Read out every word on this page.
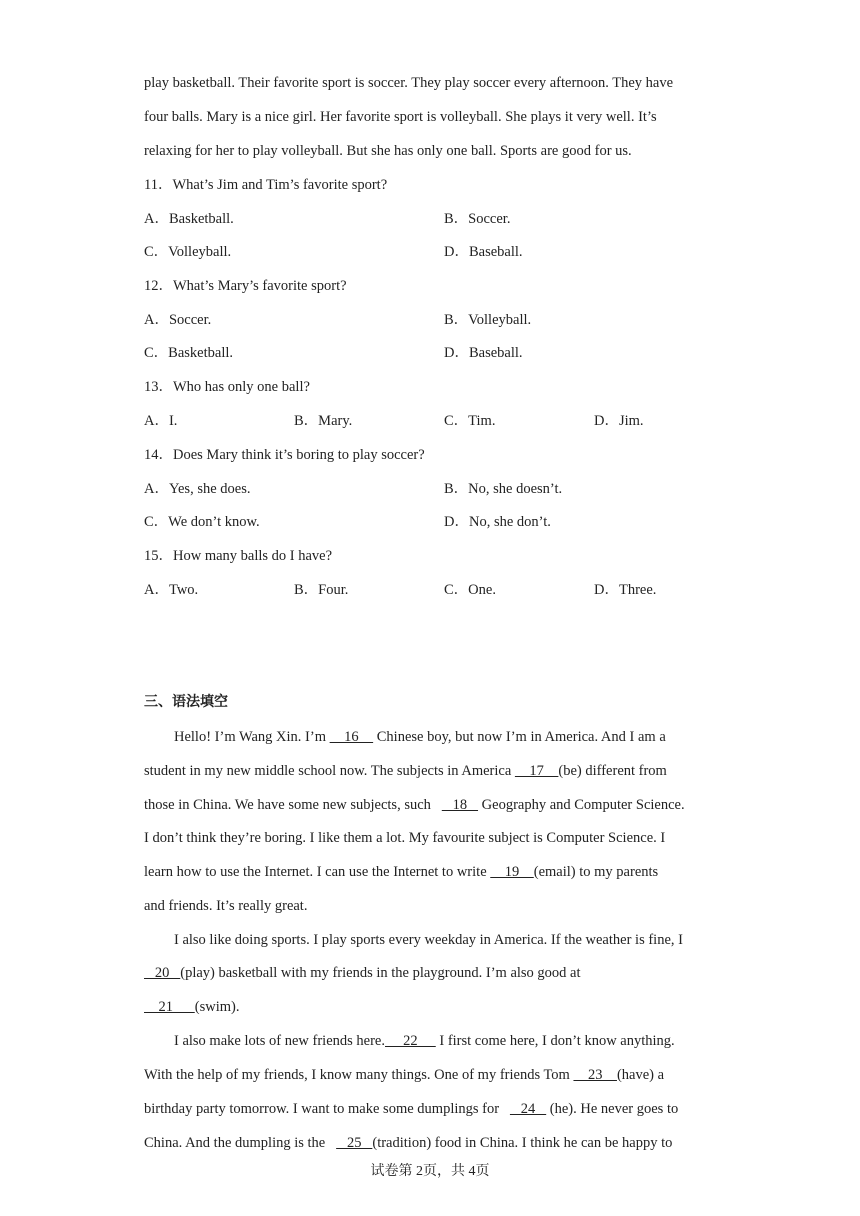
play basketball. Their favorite sport is soccer. They play soccer every afternoon. They have
four balls. Mary is a nice girl. Her favorite sport is volleyball. She plays it very well. It’s
relaxing for her to play volleyball. But she has only one ball. Sports are good for us.
11．What’s Jim and Tim’s favorite sport?
A．Basketball.	B．Soccer.
C．Volleyball.	D．Baseball.
12．What’s Mary’s favorite sport?
A．Soccer.	B．Volleyball.
C．Basketball.	D．Baseball.
13．Who has only one ball?
A．I.	B．Mary.	C．Tim.	D．Jim.
14．Does Mary think it’s boring to play soccer?
A．Yes, she does.	B．No, she doesn’t.
C．We don’t know.	D．No, she don’t.
15．How many balls do I have?
A．Two.	B．Four.	C．One.	D．Three.
三、语法填空
Hello! I’m Wang Xin. I’m     16     Chinese boy, but now I’m in America. And I am a
student in my new middle school now. The subjects in America     17    (be) different from
those in China. We have some new subjects, such      18    Geography and Computer Science.
I don’t think they’re boring. I like them a lot. My favourite subject is Computer Science. I
learn how to use the Internet. I can use the Internet to write     19    (email) to my parents
and friends. It’s really great.
I also like doing sports. I play sports every weekday in America. If the weather is fine, I
20   (play) basketball with my friends in the playground. I’m also good at
21      (swim).
I also make lots of new friends here.     22      I first come here, I don’t know anything.
With the help of my friends, I know many things. One of my friends Tom     23    (have) a
birthday party tomorrow. I want to make some dumplings for      24    (he). He never goes to
China. And the dumpling is the      25   (tradition) food in China. I think he can be happy to
试卷第 2页，共 4页
